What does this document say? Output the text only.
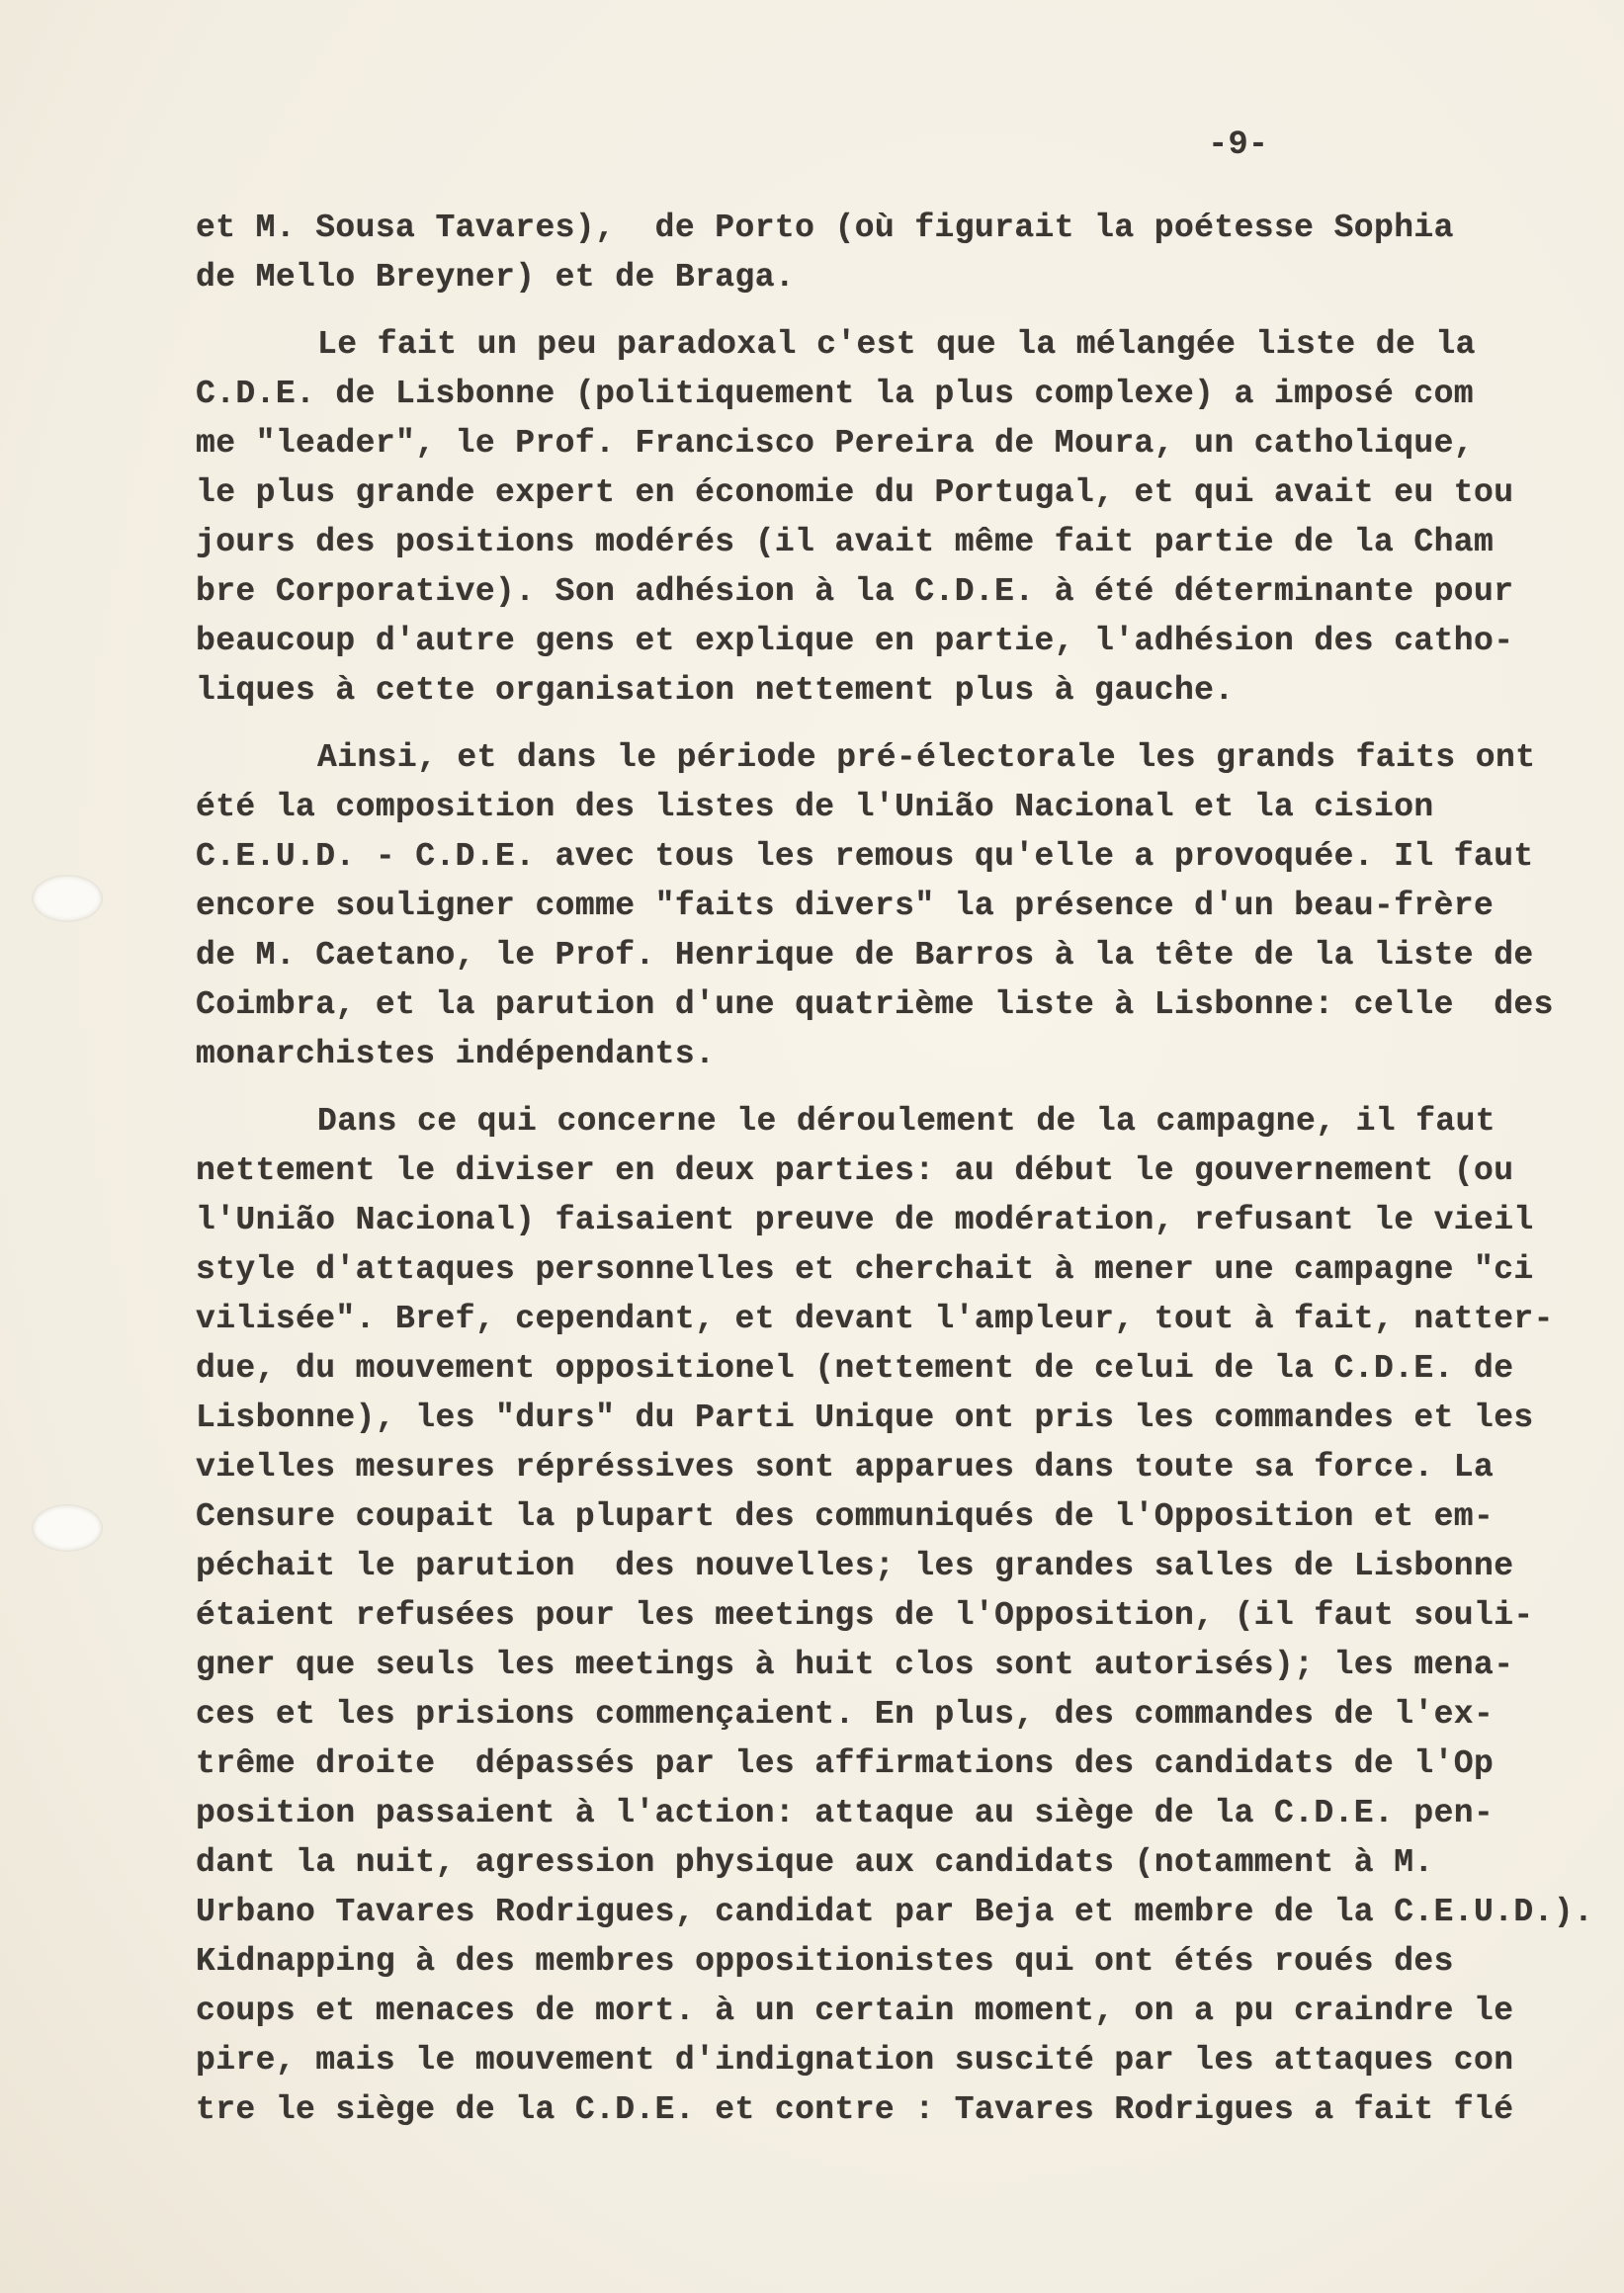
-9-
et M. Sousa Tavares),  de Porto (où figurait la poétesse Sophia
de Mello Breyner) et de Braga.
Le fait un peu paradoxal c'est que la mélangée liste de la
C.D.E. de Lisbonne (politiquement la plus complexe) a imposé com
me "leader", le Prof. Francisco Pereira de Moura, un catholique,
le plus grande expert en économie du Portugal, et qui avait eu tou
jours des positions modérés (il avait même fait partie de la Cham
bre Corporative). Son adhésion à la C.D.E. à été déterminante pour
beaucoup d'autre gens et explique en partie, l'adhésion des catho-
liques à cette organisation nettement plus à gauche.
Ainsi, et dans le période pré-électorale les grands faits ont
été la composition des listes de l'União Nacional et la cision
C.E.U.D. - C.D.E. avec tous les remous qu'elle a provoquée. Il faut
encore souligner comme "faits divers" la présence d'un beau-frère
de M. Caetano, le Prof. Henrique de Barros à la tête de la liste de
Coimbra, et la parution d'une quatrième liste à Lisbonne: celle  des
monarchistes indépendants.
Dans ce qui concerne le déroulement de la campagne, il faut
nettement le diviser en deux parties: au début le gouvernement (ou
l'União Nacional) faisaient preuve de modération, refusant le vieil
style d'attaques personnelles et cherchait à mener une campagne "ci
vilisée". Bref, cependant, et devant l'ampleur, tout à fait, natter-
due, du mouvement oppositionel (nettement de celui de la C.D.E. de
Lisbonne), les "durs" du Parti Unique ont pris les commandes et les
vielles mesures répréssives sont apparues dans toute sa force. La
Censure coupait la plupart des communiqués de l'Opposition et em-
péchait le parution  des nouvelles; les grandes salles de Lisbonne
étaient refusées pour les meetings de l'Opposition, (il faut souli-
gner que seuls les meetings à huit clos sont autorisés); les mena-
ces et les prisions commençaient. En plus, des commandes de l'ex-
trême droite  dépassés par les affirmations des candidats de l'Op
position passaient à l'action: attaque au siège de la C.D.E. pen-
dant la nuit, agression physique aux candidats (notamment à M.
Urbano Tavares Rodrigues, candidat par Beja et membre de la C.E.U.D.).
Kidnapping à des membres oppositionistes qui ont étés roués des
coups et menaces de mort. à un certain moment, on a pu craindre le
pire, mais le mouvement d'indignation suscité par les attaques con
tre le siège de la C.D.E. et contre : Tavares Rodrigues a fait flé
